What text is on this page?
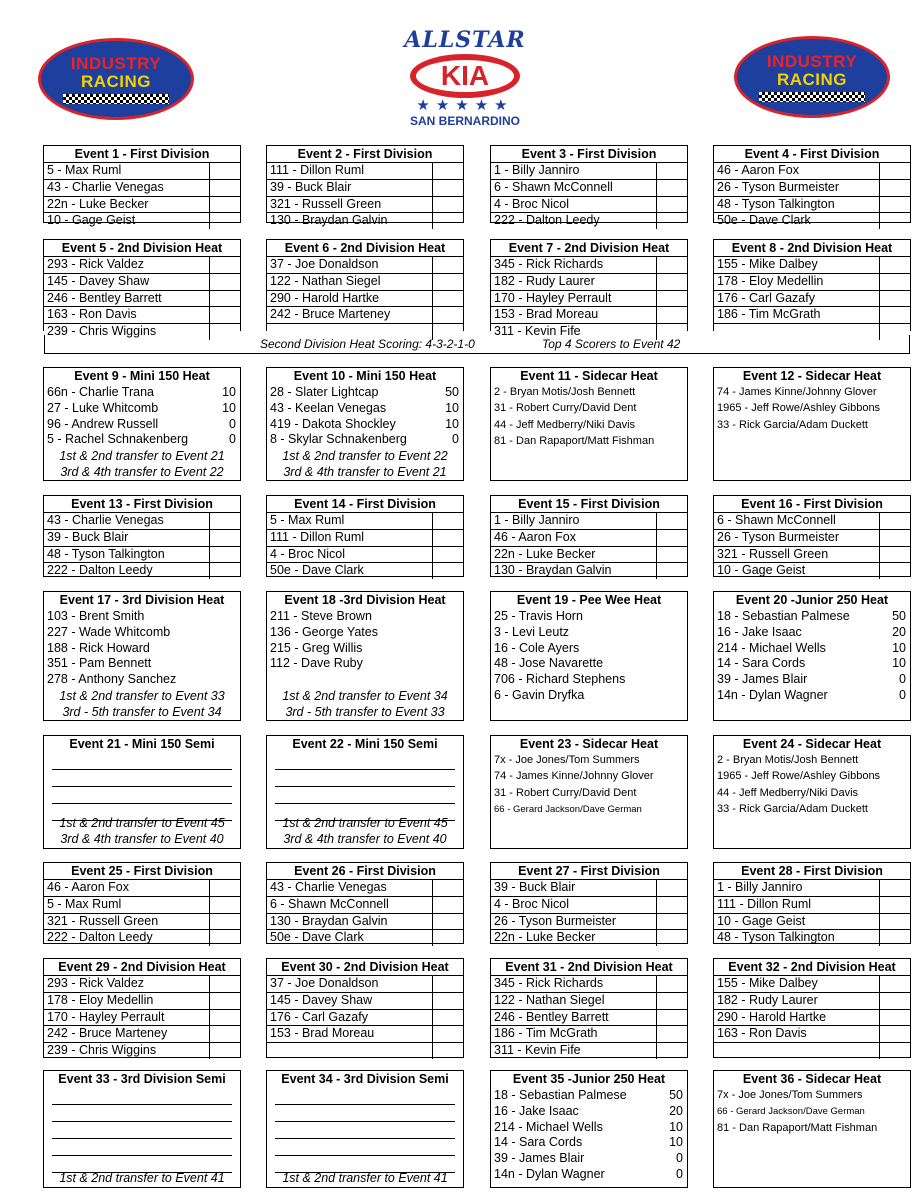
INDUSTRY
RACING
ALLSTAR
KIA
★★★★★
SAN BERNARDINO
INDUSTRY
RACING
Event 1 - First Division
5 - Max Ruml
43 - Charlie Venegas
22n - Luke Becker
10 - Gage Geist
Event 2 - First Division
111 - Dillon Ruml
39 - Buck Blair
321 - Russell Green
130 - Braydan Galvin
Event 3 - First Division
1 - Billy Janniro
6 - Shawn McConnell
4 - Broc Nicol
222 - Dalton Leedy
Event 4 - First Division
46 - Aaron Fox
26 - Tyson Burmeister
48 - Tyson Talkington
50e - Dave Clark
Event 5 - 2nd Division Heat
293 - Rick Valdez
145 - Davey Shaw
246 - Bentley Barrett
163 - Ron Davis
239 - Chris Wiggins
Event 6 - 2nd Division Heat
37 - Joe Donaldson
122 - Nathan Siegel
290 - Harold Hartke
242 - Bruce Marteney
Event 7 - 2nd Division Heat
345 - Rick Richards
182 - Rudy Laurer
170 - Hayley Perrault
153 - Brad Moreau
311 - Kevin Fife
Event 8 - 2nd Division Heat
155 - Mike Dalbey
178 - Eloy Medellin
176 - Carl Gazafy
186 - Tim McGrath
Event 9 - Mini 150 Heat
66n - Charlie Trana	10
27 - Luke Whitcomb	10
96 - Andrew Russell	0
5 - Rachel Schnakenberg	0
1st & 2nd transfer to Event 21
3rd & 4th transfer to Event 22
Event 10 - Mini 150 Heat
28 - Slater Lightcap	50
43 - Keelan Venegas	10
419 - Dakota Shockley	10
8 - Skylar Schnakenberg	0
1st & 2nd transfer to Event 22
3rd & 4th transfer to Event 21
Event 11 - Sidecar Heat
2 - Bryan Motis/Josh Bennett
31 - Robert Curry/David Dent
44 - Jeff Medberry/Niki Davis
81 - Dan Rapaport/Matt Fishman
Event 12 - Sidecar Heat
74 - James Kinne/Johnny Glover
1965 - Jeff Rowe/Ashley Gibbons
33 - Rick Garcia/Adam Duckett
Event 13 - First Division
43 - Charlie Venegas
39 - Buck Blair
48 - Tyson Talkington
222 - Dalton Leedy
Event 14 - First Division
5 - Max Ruml
111 - Dillon Ruml
4 - Broc Nicol
50e - Dave Clark
Event 15 - First Division
1 - Billy Janniro
46 - Aaron Fox
22n - Luke Becker
130 - Braydan Galvin
Event 16 - First Division
6 - Shawn McConnell
26 - Tyson Burmeister
321 - Russell Green
10 - Gage Geist
Event 17 - 3rd Division Heat
103 - Brent Smith
227 - Wade Whitcomb
188 - Rick Howard
351 - Pam Bennett
278 - Anthony Sanchez
1st & 2nd transfer to Event 33
3rd - 5th transfer to Event 34
Event 18 -3rd Division Heat
211 - Steve Brown
136 - George Yates
215 - Greg Willis
112 - Dave Ruby
1st & 2nd transfer to Event 34
3rd - 5th transfer to Event 33
Event 19 - Pee Wee Heat
25 - Travis Horn
3 - Levi Leutz
16 - Cole Ayers
48 - Jose Navarette
706 - Richard Stephens
6 - Gavin Dryfka
Event 20 -Junior 250 Heat
18 - Sebastian Palmese	50
16 - Jake Isaac	20
214 - Michael Wells	10
14 - Sara Cords	10
39 - James Blair	0
14n - Dylan Wagner	0
Event 21 - Mini 150 Semi
1st & 2nd transfer to Event 45
3rd & 4th transfer to Event 40
Event 22 - Mini 150 Semi
1st & 2nd transfer to Event 45
3rd & 4th transfer to Event 40
Event 23 - Sidecar Heat
7x - Joe Jones/Tom Summers
74 - James Kinne/Johnny Glover
31 - Robert Curry/David Dent
66 - Gerard Jackson/Dave German
Event 24 - Sidecar Heat
2 - Bryan Motis/Josh Bennett
1965 - Jeff Rowe/Ashley Gibbons
44 - Jeff Medberry/Niki Davis
33 - Rick Garcia/Adam Duckett
Event 25 - First Division
46 - Aaron Fox
5 - Max Ruml
321 - Russell Green
222 - Dalton Leedy
Event 26 - First Division
43 - Charlie Venegas
6 - Shawn McConnell
130 - Braydan Galvin
50e - Dave Clark
Event 27 - First Division
39 - Buck Blair
4 - Broc Nicol
26 - Tyson Burmeister
22n - Luke Becker
Event 28 - First Division
1 - Billy Janniro
111 - Dillon Ruml
10 - Gage Geist
48 - Tyson Talkington
Event 29 - 2nd Division Heat
293 - Rick Valdez
178 - Eloy Medellin
170 - Hayley Perrault
242 - Bruce Marteney
239 - Chris Wiggins
Event 30 - 2nd Division Heat
37 - Joe Donaldson
145 - Davey Shaw
176 - Carl Gazafy
153 - Brad Moreau
Event 31 - 2nd Division Heat
345 - Rick Richards
122 - Nathan Siegel
246 - Bentley Barrett
186 - Tim McGrath
311 - Kevin Fife
Event 32 - 2nd Division Heat
155 - Mike Dalbey
182 - Rudy Laurer
290 - Harold Hartke
163 - Ron Davis
Event 33 - 3rd Division Semi
1st & 2nd transfer to Event 41
Event 34 - 3rd Division Semi
1st & 2nd transfer to Event 41
Event 35 -Junior 250 Heat
18 - Sebastian Palmese	50
16 - Jake Isaac	20
214 - Michael Wells	10
14 - Sara Cords	10
39 - James Blair	0
14n - Dylan Wagner	0
Event 36 - Sidecar Heat
7x - Joe Jones/Tom Summers
66 - Gerard Jackson/Dave German
81 - Dan Rapaport/Matt Fishman
Second Division Heat Scoring: 4-3-2-1-0	Top 4 Scorers to Event 42
